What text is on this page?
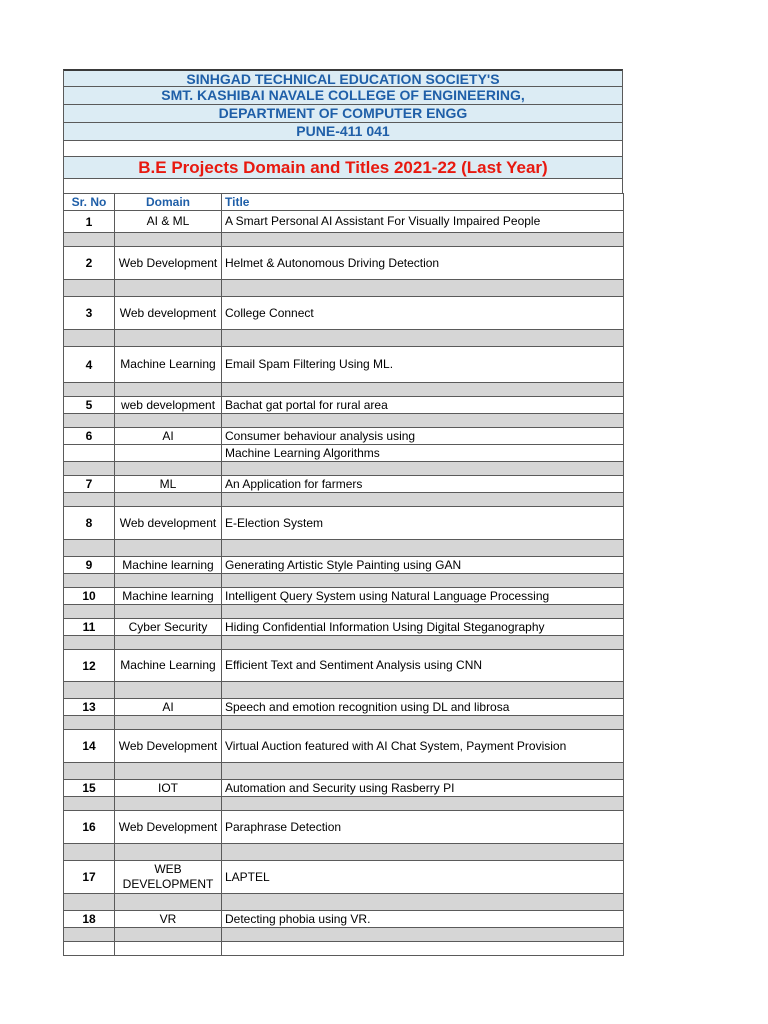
SINHGAD TECHNICAL EDUCATION SOCIETY'S
SMT. KASHIBAI NAVALE COLLEGE OF ENGINEERING,
DEPARTMENT OF COMPUTER ENGG
PUNE-411 041
B.E Projects Domain and Titles 2021-22 (Last Year)
Sr. No	Domain	Title
1	AI & ML	A Smart Personal AI Assistant For Visually Impaired People

2	Web Development	Helmet & Autonomous Driving Detection

3	Web development	College Connect

4	Machine Learning	Email Spam Filtering Using ML.

5	web development	Bachat gat portal for rural area

6	AI	Consumer behaviour analysis using
		Machine Learning Algorithms

7	ML	An Application for farmers

8	Web development	E-Election System

9	Machine learning	Generating Artistic Style Painting using GAN

10	Machine learning	Intelligent Query System using Natural Language Processing

11	Cyber Security	Hiding Confidential Information Using Digital Steganography

12	Machine Learning	Efficient Text and Sentiment Analysis using CNN

13	AI	Speech and emotion recognition using DL and librosa

14	Web Development	Virtual Auction featured with AI Chat System, Payment Provision

15	IOT	Automation and Security using Rasberry PI

16	Web Development	Paraphrase Detection

17	WEB DEVELOPMENT	LAPTEL

18	VR	Detecting phobia using VR.
